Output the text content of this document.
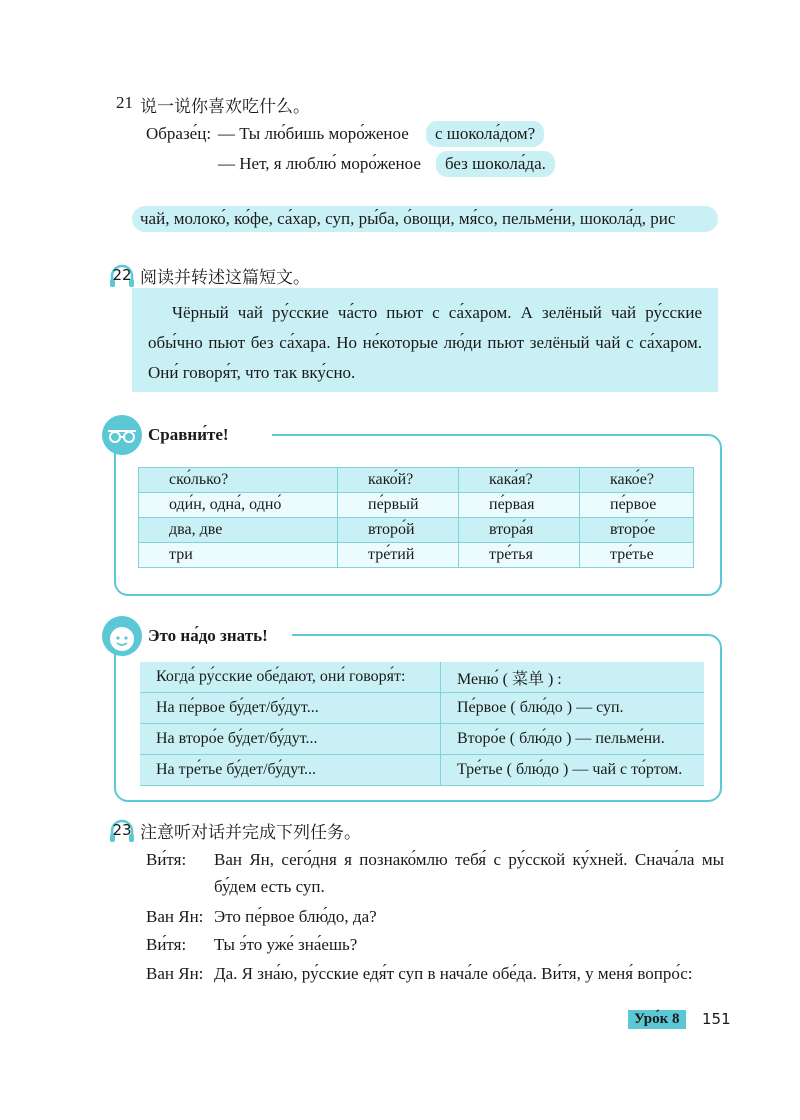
21 说一说你喜欢吃什么。
Образе́ц: — Ты лю́бишь моро́женое	с шокола́дом?
— Нет, я люблю́ моро́женое	без шокола́да.
чай, молоко́, ко́фе, са́хар, суп, ры́ба, о́вощи, мя́со, пельме́ни, шокола́д, рис
22 阅读并转述这篇短文。
Чёрный чай ру́сские ча́сто пьют с са́харом. А зелёный чай ру́сские обы́чно пьют без са́хара. Но не́которые лю́ди пьют зелёный чай с са́харом. Они́ говоря́т, что так вку́сно.
Сравни́те!
ско́лько?	како́й?	кака́я?	како́е?
оди́н, одна́, одно́	пе́рвый	пе́рвая	пе́рвое
два, две	второ́й	втора́я	второ́е
три	тре́тий	тре́тья	тре́тье
Это на́до знать!
Когда́ ру́сские обе́дают, они́ говоря́т:	Меню́ ( 菜单 ) :
На пе́рвое бу́дет/бу́дут...	Пе́рвое ( блю́до ) — суп.
На второ́е бу́дет/бу́дут...	Второ́е ( блю́до ) — пельме́ни.
На тре́тье бу́дет/бу́дут...	Тре́тье ( блю́до ) — чай с то́ртом.
23 注意听对话并完成下列任务。
Ви́тя: Ван Ян, сего́дня я познако́млю тебя́ с ру́сской ку́хней. Снача́ла мы бу́дем есть суп.
Ван Ян: Это пе́рвое блю́до, да?
Ви́тя: Ты э́то уже́ зна́ешь?
Ван Ян: Да. Я зна́ю, ру́сские едя́т суп в нача́ле обе́да. Ви́тя, у меня́ вопро́с:
Уро́к 8	151
